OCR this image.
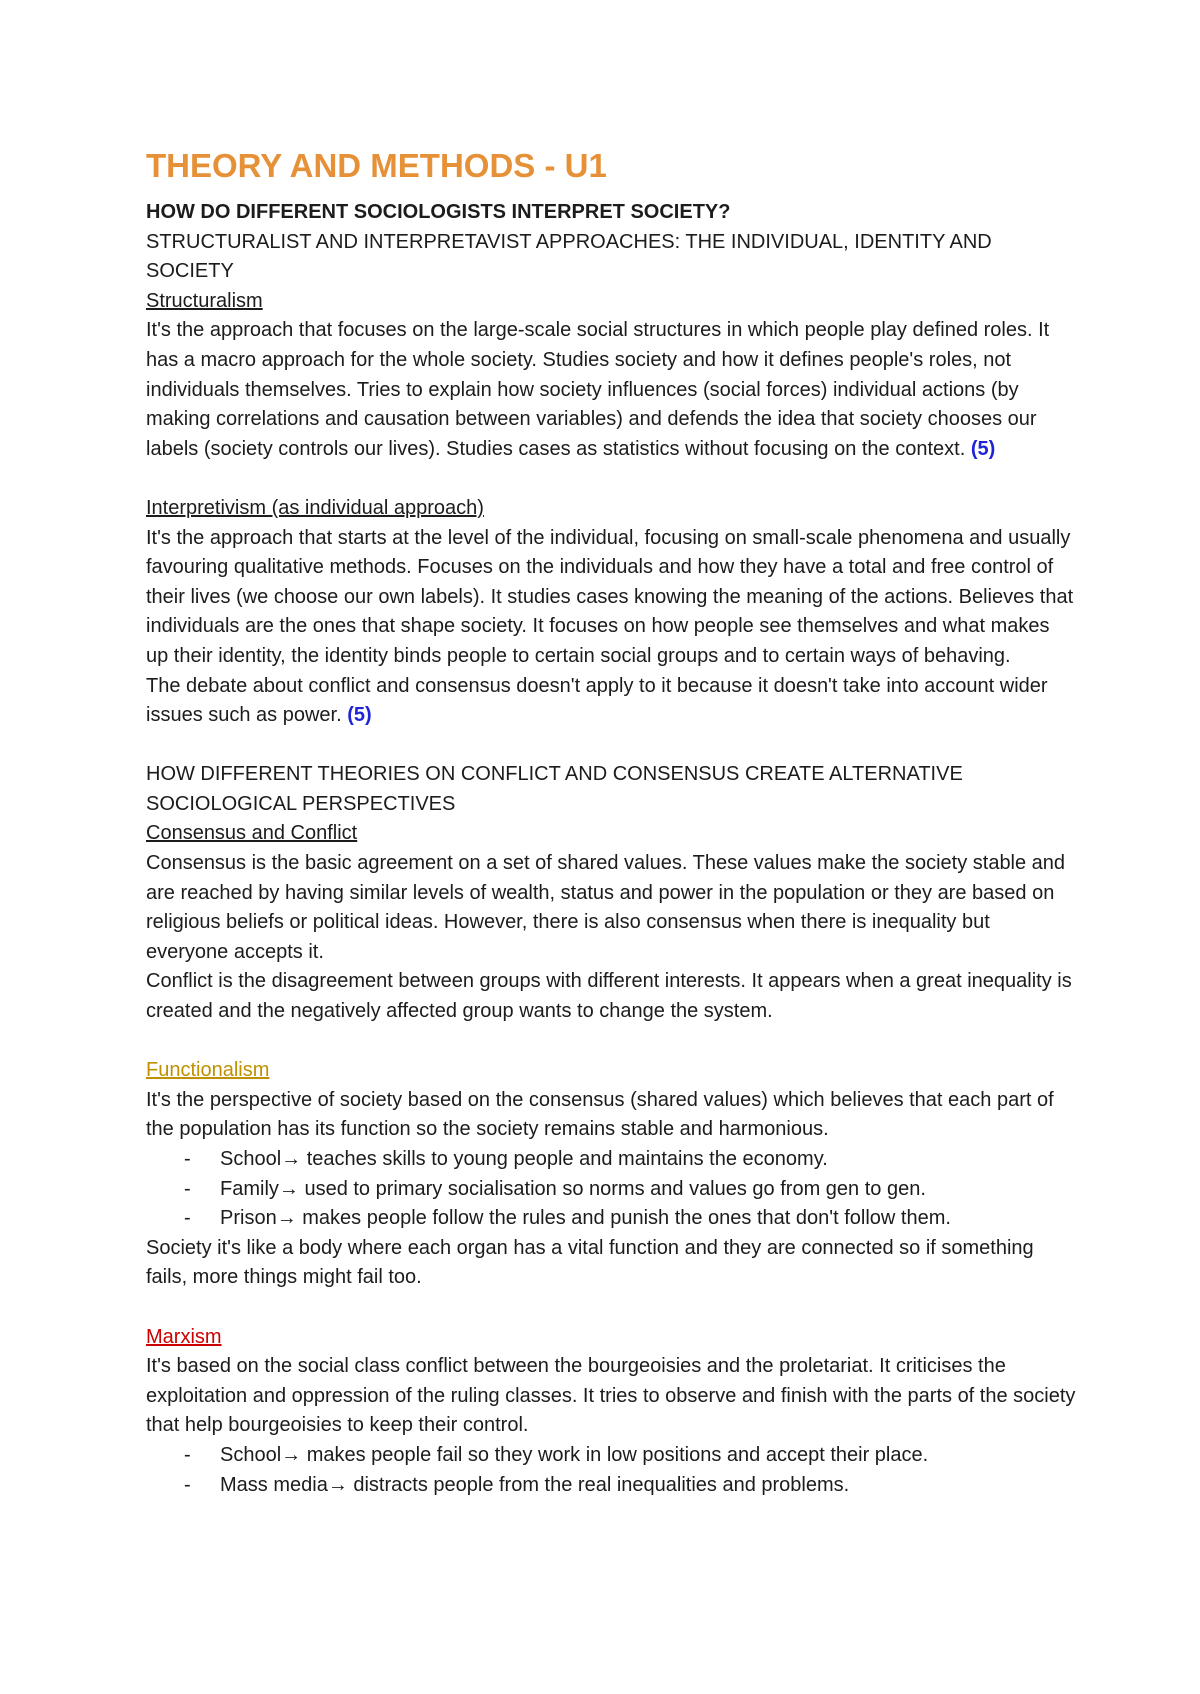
THEORY AND METHODS - U1

HOW DO DIFFERENT SOCIOLOGISTS INTERPRET SOCIETY?

STRUCTURALIST AND INTERPRETAVIST APPROACHES: THE INDIVIDUAL, IDENTITY AND SOCIETY

Structuralism

It's the approach that focuses on the large-scale social structures in which people play defined roles. It has a macro approach for the whole society. Studies society and how it defines people's roles, not individuals themselves. Tries to explain how society influences (social forces) individual actions (by making correlations and causation between variables) and defends the idea that society chooses our labels (society controls our lives). Studies cases as statistics without focusing on the context. (5)

Interpretivism (as individual approach)

It's the approach that starts at the level of the individual, focusing on small-scale phenomena and usually favouring qualitative methods. Focuses on the individuals and how they have a total and free control of their lives (we choose our own labels). It studies cases knowing the meaning of the actions. Believes that individuals are the ones that shape society. It focuses on how people see themselves and what makes up their identity, the identity binds people to certain social groups and to certain ways of behaving.

The debate about conflict and consensus doesn't apply to it because it doesn't take into account wider issues such as power. (5)

HOW DIFFERENT THEORIES ON CONFLICT AND CONSENSUS CREATE ALTERNATIVE SOCIOLOGICAL PERSPECTIVES

Consensus and Conflict

Consensus is the basic agreement on a set of shared values. These values make the society stable and are reached by having similar levels of wealth, status and power in the population or they are based on religious beliefs or political ideas. However, there is also consensus when there is inequality but everyone accepts it.

Conflict is the disagreement between groups with different interests. It appears when a great inequality is created and the negatively affected group wants to change the system.

Functionalism

It's the perspective of society based on the consensus (shared values) which believes that each part of the population has its function so the society remains stable and harmonious.

- School→ teaches skills to young people and maintains the economy.
- Family→ used to primary socialisation so norms and values go from gen to gen.
- Prison→ makes people follow the rules and punish the ones that don't follow them.

Society it's like a body where each organ has a vital function and they are connected so if something fails, more things might fail too.

Marxism

It's based on the social class conflict between the bourgeoisies and the proletariat. It criticises the exploitation and oppression of the ruling classes. It tries to observe and finish with the parts of the society that help bourgeoisies to keep their control.

- School→ makes people fail so they work in low positions and accept their place.
- Mass media→ distracts people from the real inequalities and problems.
